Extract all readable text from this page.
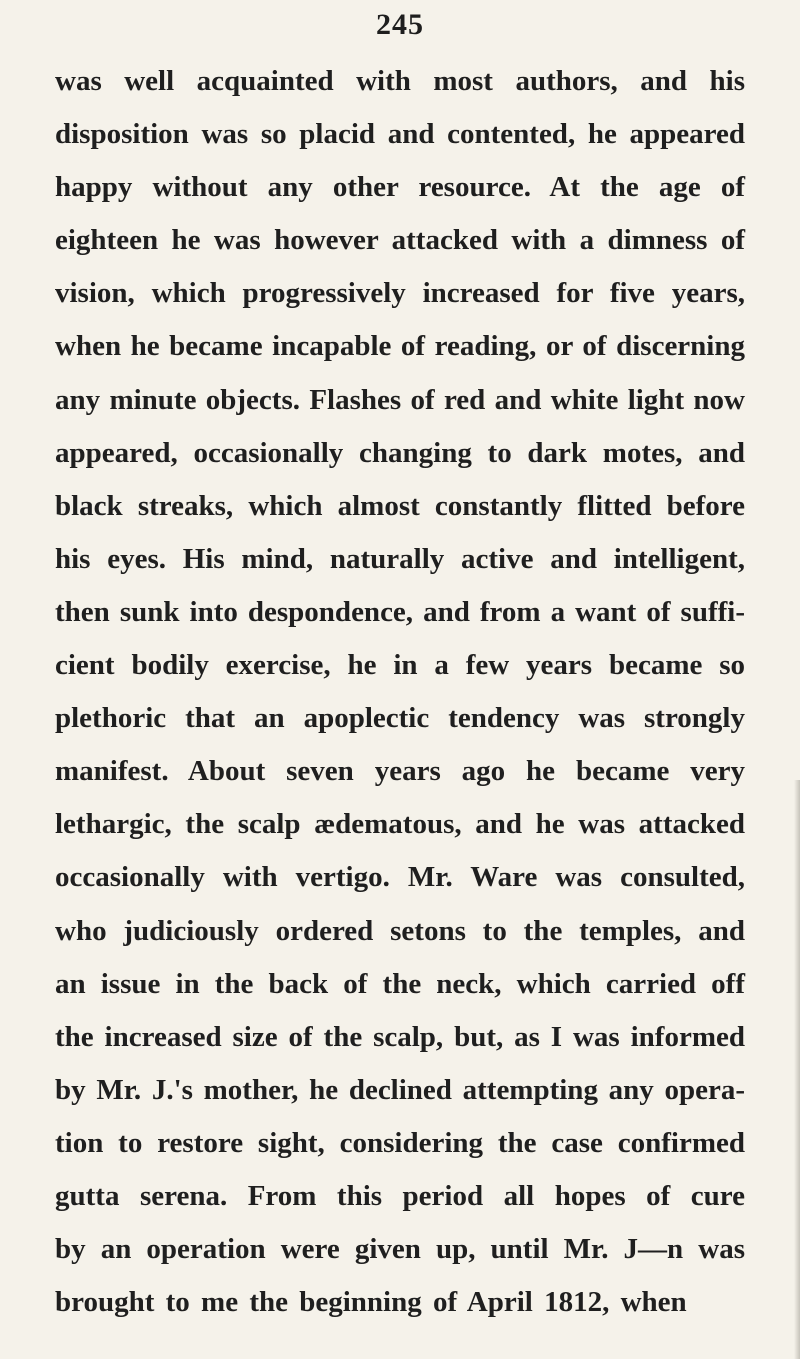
245
was well acquainted with most authors, and his
disposition was so placid and contented, he appeared
happy without any other resource. At the age of
eighteen he was however attacked with a dimness of
vision, which progressively increased for five years,
when he became incapable of reading, or of discerning
any minute objects. Flashes of red and white light now
appeared, occasionally changing to dark motes, and
black streaks, which almost constantly flitted before
his eyes. His mind, naturally active and intelligent,
then sunk into despondence, and from a want of suffi-
cient bodily exercise, he in a few years became so
plethoric that an apoplectic tendency was strongly
manifest. About seven years ago he became very
lethargic, the scalp ædematous, and he was attacked
occasionally with vertigo. Mr. Ware was consulted,
who judiciously ordered setons to the temples, and
an issue in the back of the neck, which carried off
the increased size of the scalp, but, as I was informed
by Mr. J.'s mother, he declined attempting any opera-
tion to restore sight, considering the case confirmed
gutta serena. From this period all hopes of cure
by an operation were given up, until Mr. J—n was
brought to me the beginning of April 1812, when
